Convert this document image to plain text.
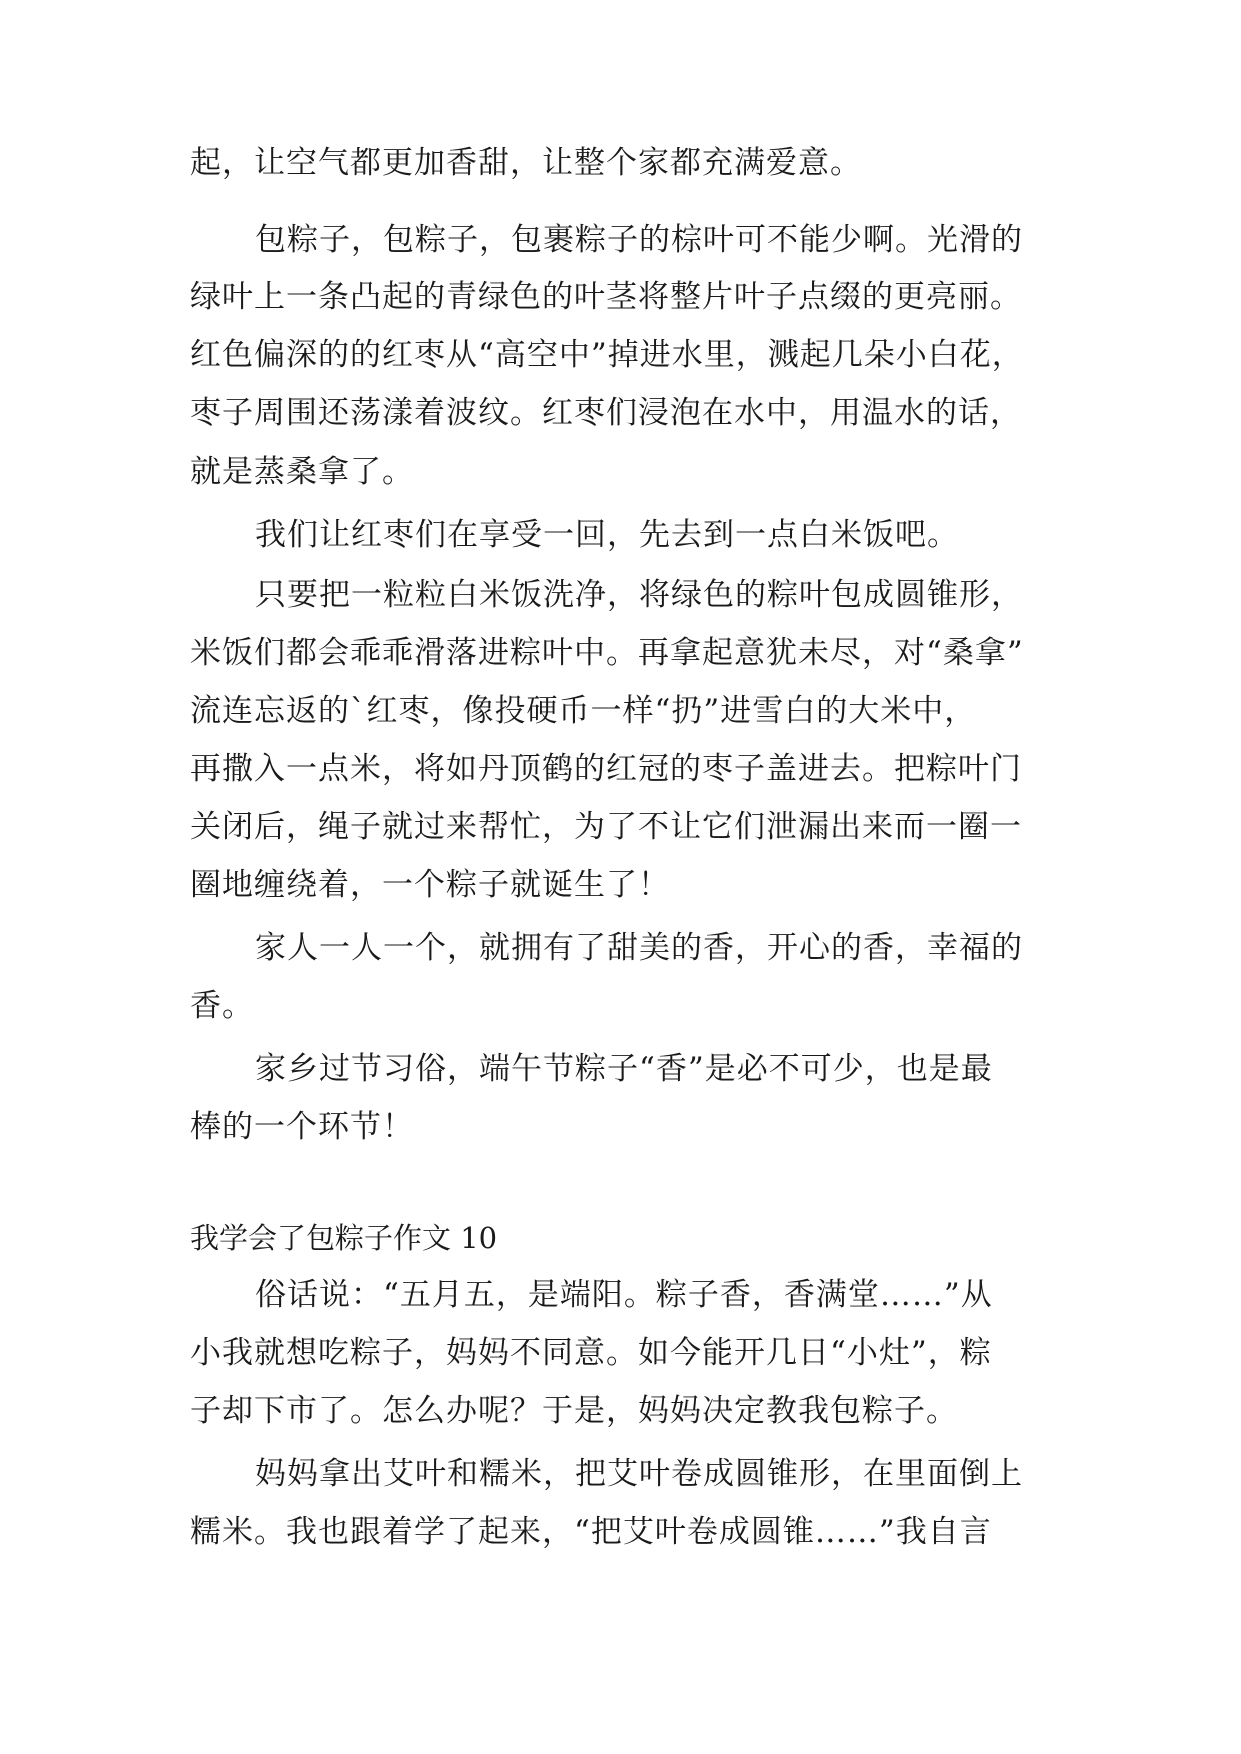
起，让空气都更加香甜，让整个家都充满爱意。
包粽子，包粽子，包裹粽子的棕叶可不能少啊。光滑的
绿叶上一条凸起的青绿色的叶茎将整片叶子点缀的更亮丽。
红色偏深的的红枣从“高空中”掉进水里，溅起几朵小白花，
枣子周围还荡漾着波纹。红枣们浸泡在水中，用温水的话，
就是蒸桑拿了。
我们让红枣们在享受一回，先去到一点白米饭吧。
只要把一粒粒白米饭洗净，将绿色的粽叶包成圆锥形，
米饭们都会乖乖滑落进粽叶中。再拿起意犹未尽，对“桑拿”
流连忘返的`红枣，像投硬币一样“扔”进雪白的大米中，
再撒入一点米，将如丹顶鹤的红冠的枣子盖进去。把粽叶门
关闭后，绳子就过来帮忙，为了不让它们泄漏出来而一圈一
圈地缠绕着，一个粽子就诞生了！
家人一人一个，就拥有了甜美的香，开心的香，幸福的
香。
家乡过节习俗，端午节粽子“香”是必不可少，也是最
棒的一个环节！
我学会了包粽子作文 10
俗话说：“五月五，是端阳。粽子香，香满堂……”从
小我就想吃粽子，妈妈不同意。如今能开几日“小灶”，粽
子却下市了。怎么办呢？于是，妈妈决定教我包粽子。
妈妈拿出艾叶和糯米，把艾叶卷成圆锥形，在里面倒上
糯米。我也跟着学了起来，“把艾叶卷成圆锥……”我自言
